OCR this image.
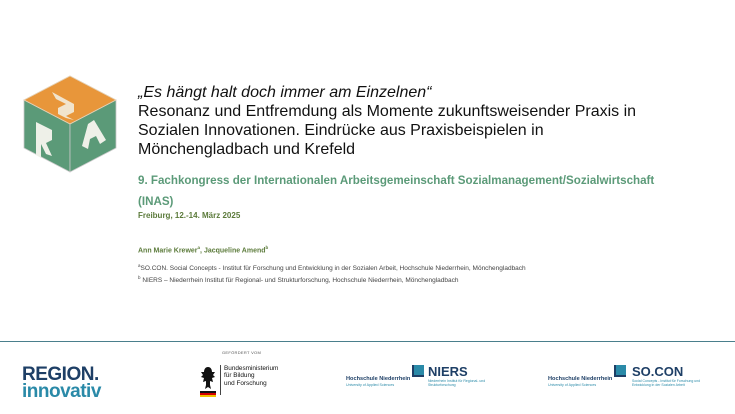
„Es hängt halt doch immer am Einzelnen“

Resonanz und Entfremdung als Momente zukunftsweisender Praxis in

Sozialen Innovationen. Eindrücke aus Praxisbeispielen in

Mönchengladbach und Krefeld

9. Fachkongress der Internationalen Arbeitsgemeinschaft Sozialmanagement/Sozialwirtschaft
(INAS)
Freiburg, 12.-14. März 2025
Ann Marie Krewer$^a$, Jacqueline Amend$^b$
$^a$SO.CON. Social Concepts - Institut für Forschung und Entwicklung in der Sozialen Arbeit, Hochschule Niederrhein, Mönchengladbach
$^b$ NIERS – Niederrhein Institut für Regional- und Strukturforschung, Hochschule Niederrhein, Mönchengladbach
REGION.
innovativ
GEFÖRDERT VOM
Bundesministerium
für Bildung
und Forschung
Hochschule Niederrhein
University of Applied Sciences
NIERS
Niederrhein Institut für Regional- und Strukturforschung
Hochschule Niederrhein
University of Applied Sciences
SO.CON
Social Concepts - Institut für Forschung und Entwicklung in der Sozialen Arbeit
